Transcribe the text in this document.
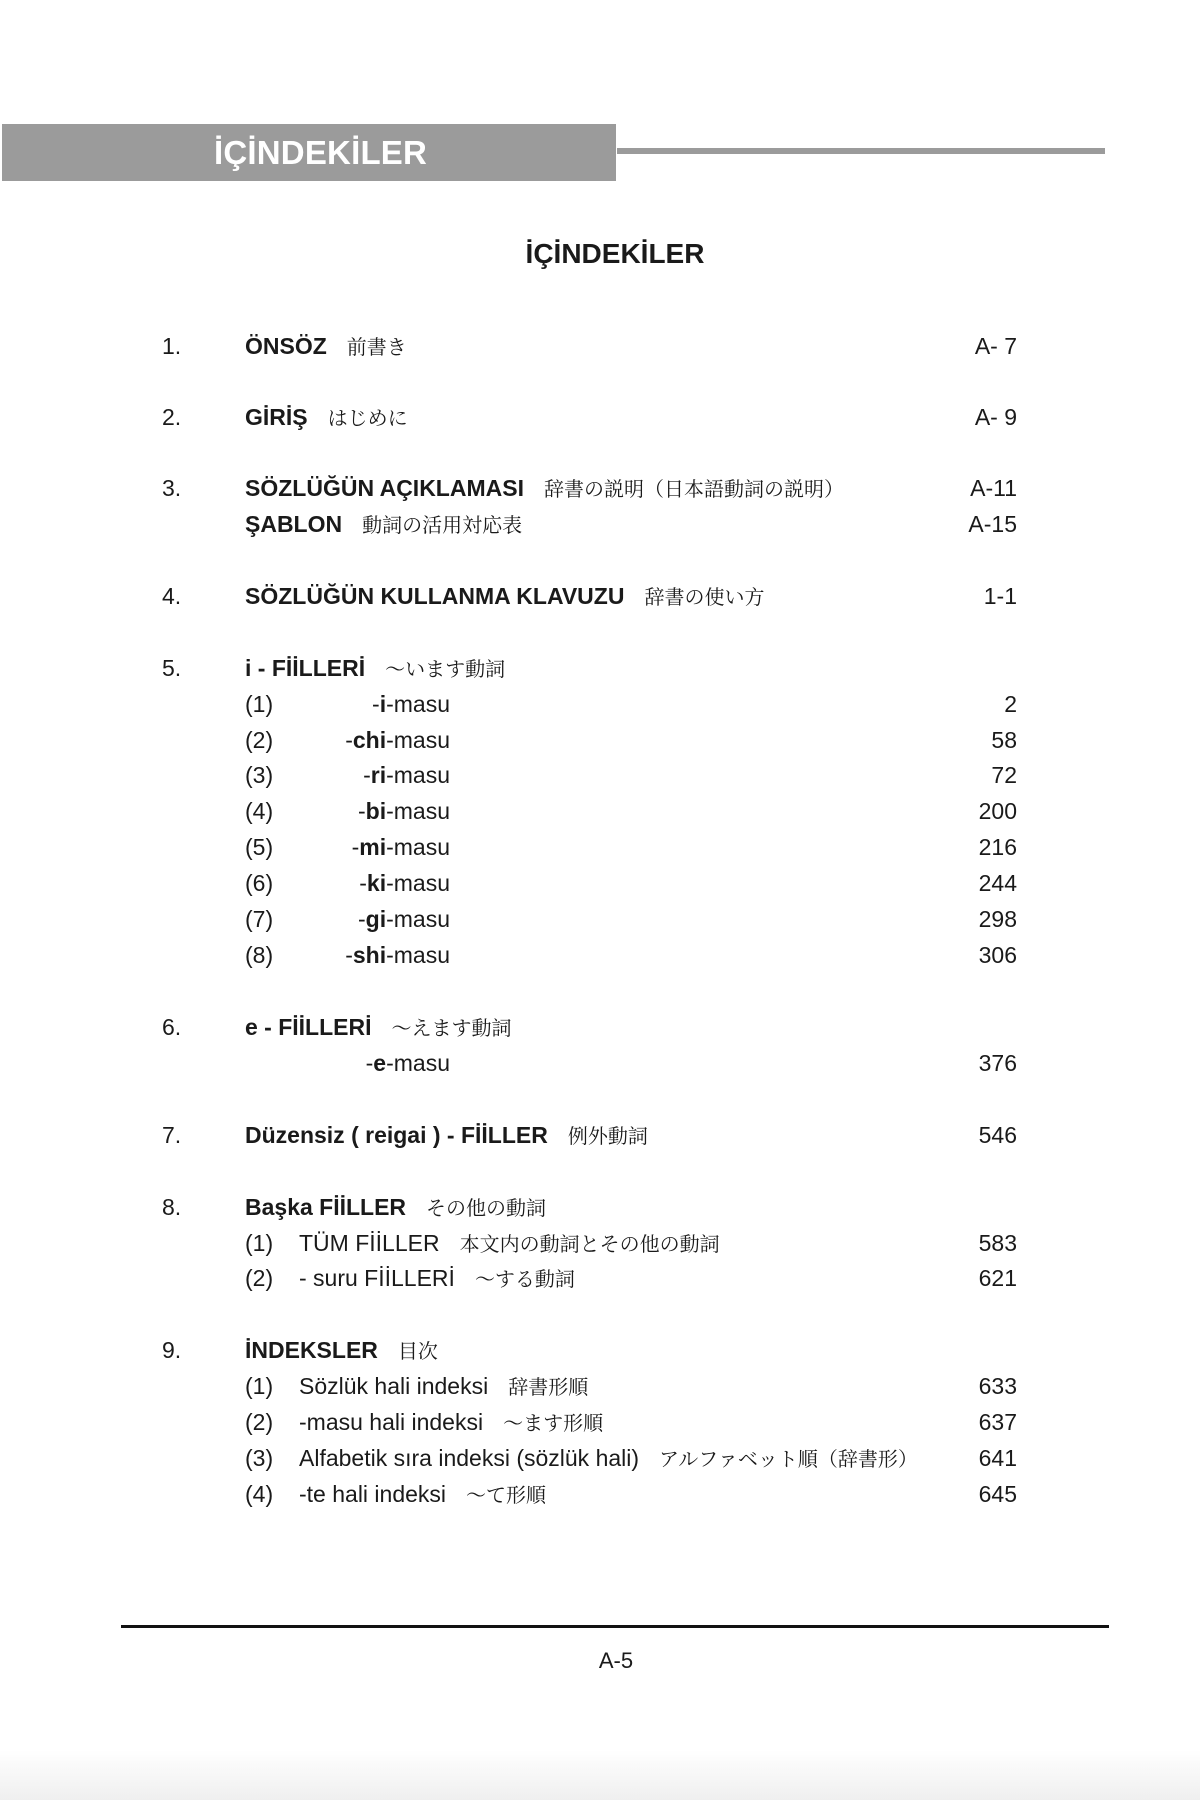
İÇİNDEKİLER
İÇİNDEKİLER
1.	ÖNSÖZ 前書き	A- 7
2.	GİRİŞ はじめに	A- 9
3.	SÖZLÜĞÜN AÇIKLAMASI 辞書の説明（日本語動詞の説明）	A-11
ŞABLON 動詞の活用対応表	A-15
4.	SÖZLÜĞÜN KULLANMA KLAVUZU 辞書の使い方	1-1
5.	i - FİİLLERİ ～います動詞
(1)	-i-masu	2
(2)	-chi-masu	58
(3)	-ri-masu	72
(4)	-bi-masu	200
(5)	-mi-masu	216
(6)	-ki-masu	244
(7)	-gi-masu	298
(8)	-shi-masu	306
6.	e - FİİLLERİ ～えます動詞
-e-masu	376
7.	Düzensiz ( reigai ) - FİİLLER 例外動詞	546
8.	Başka FİİLLER その他の動詞
(1) TÜM FİİLLER 本文内の動詞とその他の動詞	583
(2) - suru FİİLLERİ ～する動詞	621
9.	İNDEKSLER 目次
(1) Sözlük hali indeksi 辞書形順	633
(2) -masu hali indeksi ～ます形順	637
(3) Alfabetik sıra indeksi (sözlük hali) アルファベット順（辞書形）	641
(4) -te hali indeksi ～て形順	645
A-5
